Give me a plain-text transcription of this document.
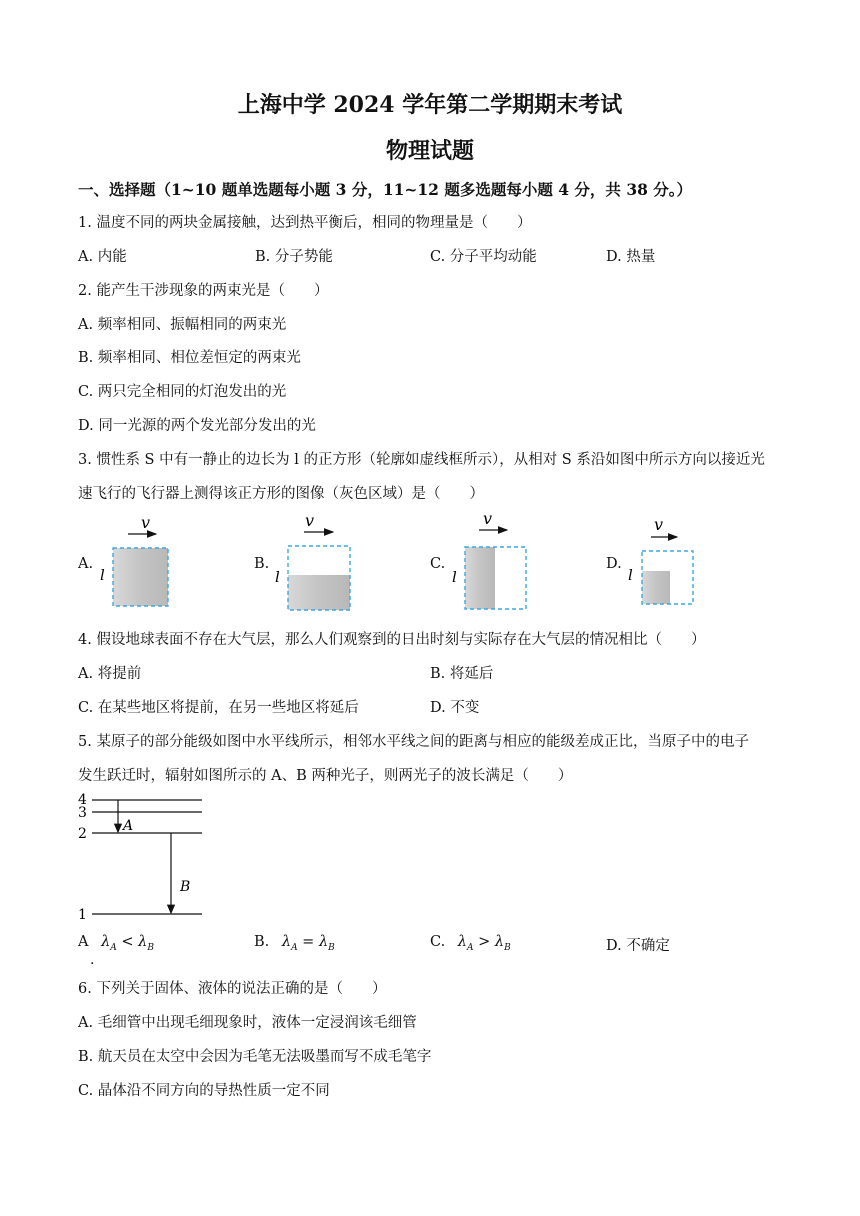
上海中学 2024 学年第二学期期末考试
物理试题
一、选择题（1~10 题单选题每小题 3 分，11~12 题多选题每小题 4 分，共 38 分。）
1. 温度不同的两块金属接触，达到热平衡后，相同的物理量是（　　）
A. 内能	B. 分子势能	C. 分子平均动能	D. 热量
2. 能产生干涉现象的两束光是（　　）
A. 频率相同、振幅相同的两束光
B. 频率相同、相位差恒定的两束光
C. 两只完全相同的灯泡发出的光
D. 同一光源的两个发光部分发出的光
3. 惯性系 S 中有一静止的边长为 l 的正方形（轮廓如虚线框所示），从相对 S 系沿如图中所示方向以接近光
速飞行的飞行器上测得该正方形的图像（灰色区域）是（　　）
A.	B.	C.	D.
v
l
v
l
v
l
v
l
4. 假设地球表面不存在大气层，那么人们观察到的日出时刻与实际存在大气层的情况相比（　　）
A. 将提前	B. 将延后
C. 在某些地区将提前，在另一些地区将延后	D. 不变
5. 某原子的部分能级如图中水平线所示，相邻水平线之间的距离与相应的能级差成正比，当原子中的电子
发生跃迁时，辐射如图所示的 A、B 两种光子，则两光子的波长满足（　　）
4
3
2
1
A
B
A $\lambda_A < \lambda_B$
.
B. $\lambda_A = \lambda_B$	C. $\lambda_A > \lambda_B$	D. 不确定
6. 下列关于固体、液体的说法正确的是（　　）
A. 毛细管中出现毛细现象时，液体一定浸润该毛细管
B. 航天员在太空中会因为毛笔无法吸墨而写不成毛笔字
C. 晶体沿不同方向的导热性质一定不同
